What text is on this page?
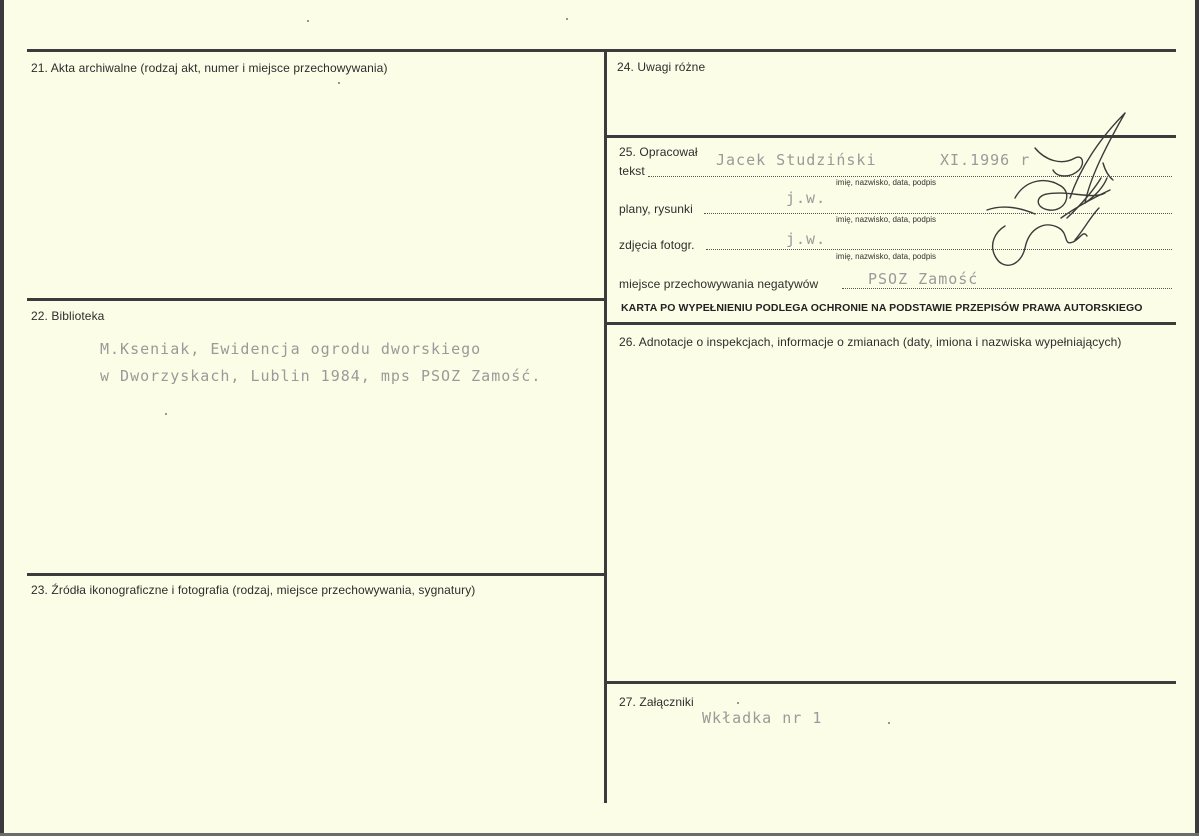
21. Akta archiwalne (rodzaj akt, numer i miejsce przechowywania)
22. Biblioteka
M.Kseniak, Ewidencja ogrodu dworskiego
w Dworzyskach, Lublin 1984, mps PSOZ Zamość.
23. Źródła ikonograficzne i fotografia (rodzaj, miejsce przechowywania, sygnatury)
24. Uwagi różne
25. Opracował
tekst
Jacek Studziński	XI.1996 r
imię, nazwisko, data, podpis
plany, rysunki
j.w.
imię, nazwisko, data, podpis
zdjęcia fotogr.	j.w.
imię, nazwisko, data, podpis
miejsce przechowywania negatywów	PSOZ Zamość
KARTA PO WYPEŁNIENIU PODLEGA OCHRONIE NA PODSTAWIE PRZEPISÓW PRAWA AUTORSKIEGO
26. Adnotacje o inspekcjach, informacje o zmianach (daty, imiona i nazwiska wypełniających)
27. Załączniki
Wkładka nr 1
